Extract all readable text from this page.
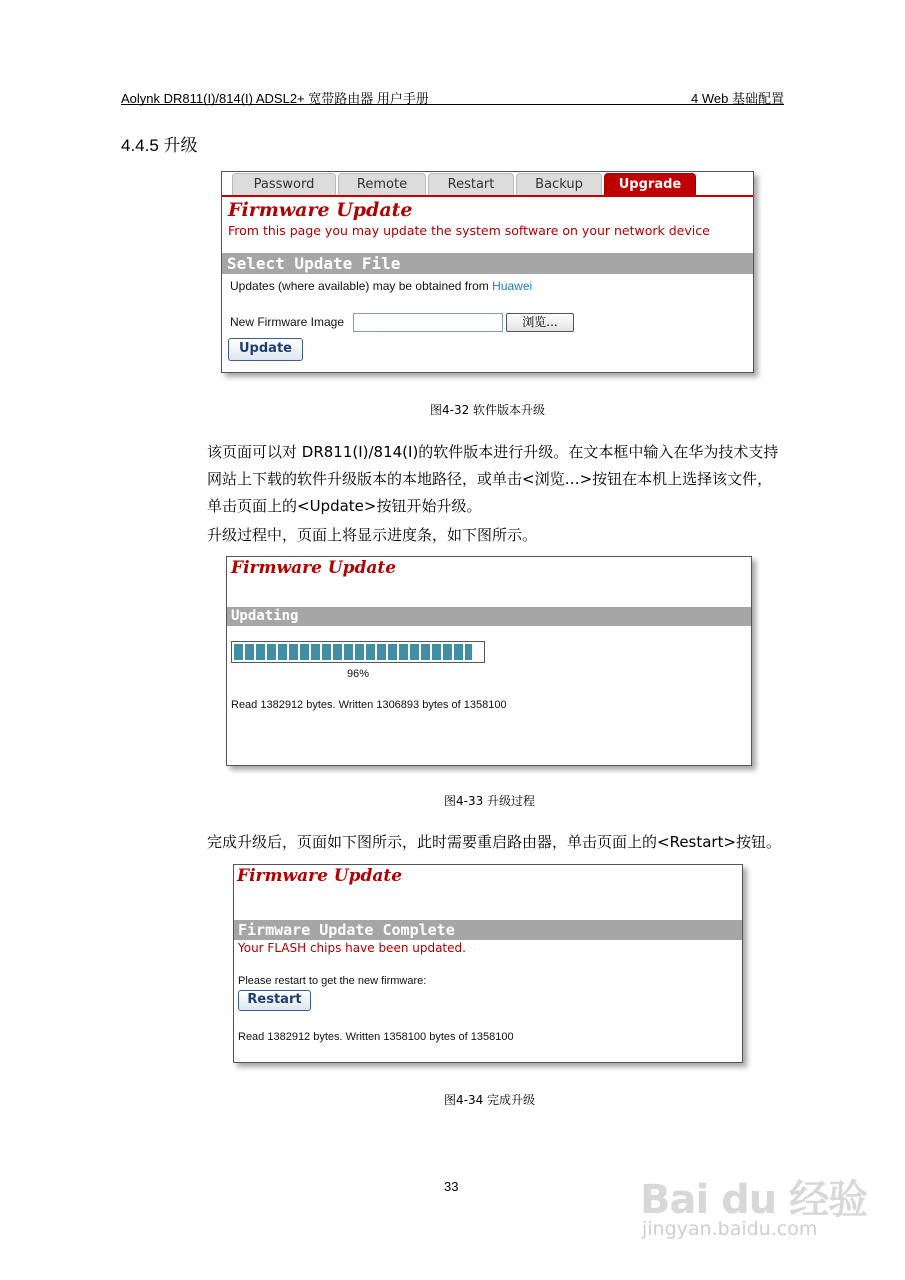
Aolynk DR811(I)/814(I) ADSL2+ 宽带路由器 用户手册	4 Web 基础配置
4.4.5 升级
Password	Remote	Restart	Backup	Upgrade
Firmware Update
From this page you may update the system software on your network device
Select Update File
Updates (where available) may be obtained from Huawei
New Firmware Image	浏览...
Update
图4-32 软件版本升级
该页面可以对 DR811(I)/814(I)的软件版本进行升级。在文本框中输入在华为技术支持网站上下载的软件升级版本的本地路径，或单击<浏览…>按钮在本机上选择该文件，单击页面上的<Update>按钮开始升级。
升级过程中，页面上将显示进度条，如下图所示。
Firmware Update
Updating
96%
Read 1382912 bytes. Written 1306893 bytes of 1358100
图4-33 升级过程
完成升级后，页面如下图所示，此时需要重启路由器，单击页面上的<Restart>按钮。
Firmware Update
Firmware Update Complete
Your FLASH chips have been updated.
Please restart to get the new firmware:
Restart
Read 1382912 bytes. Written 1358100 bytes of 1358100
图4-34 完成升级
33	Bai du 经验
jingyan.baidu.com
